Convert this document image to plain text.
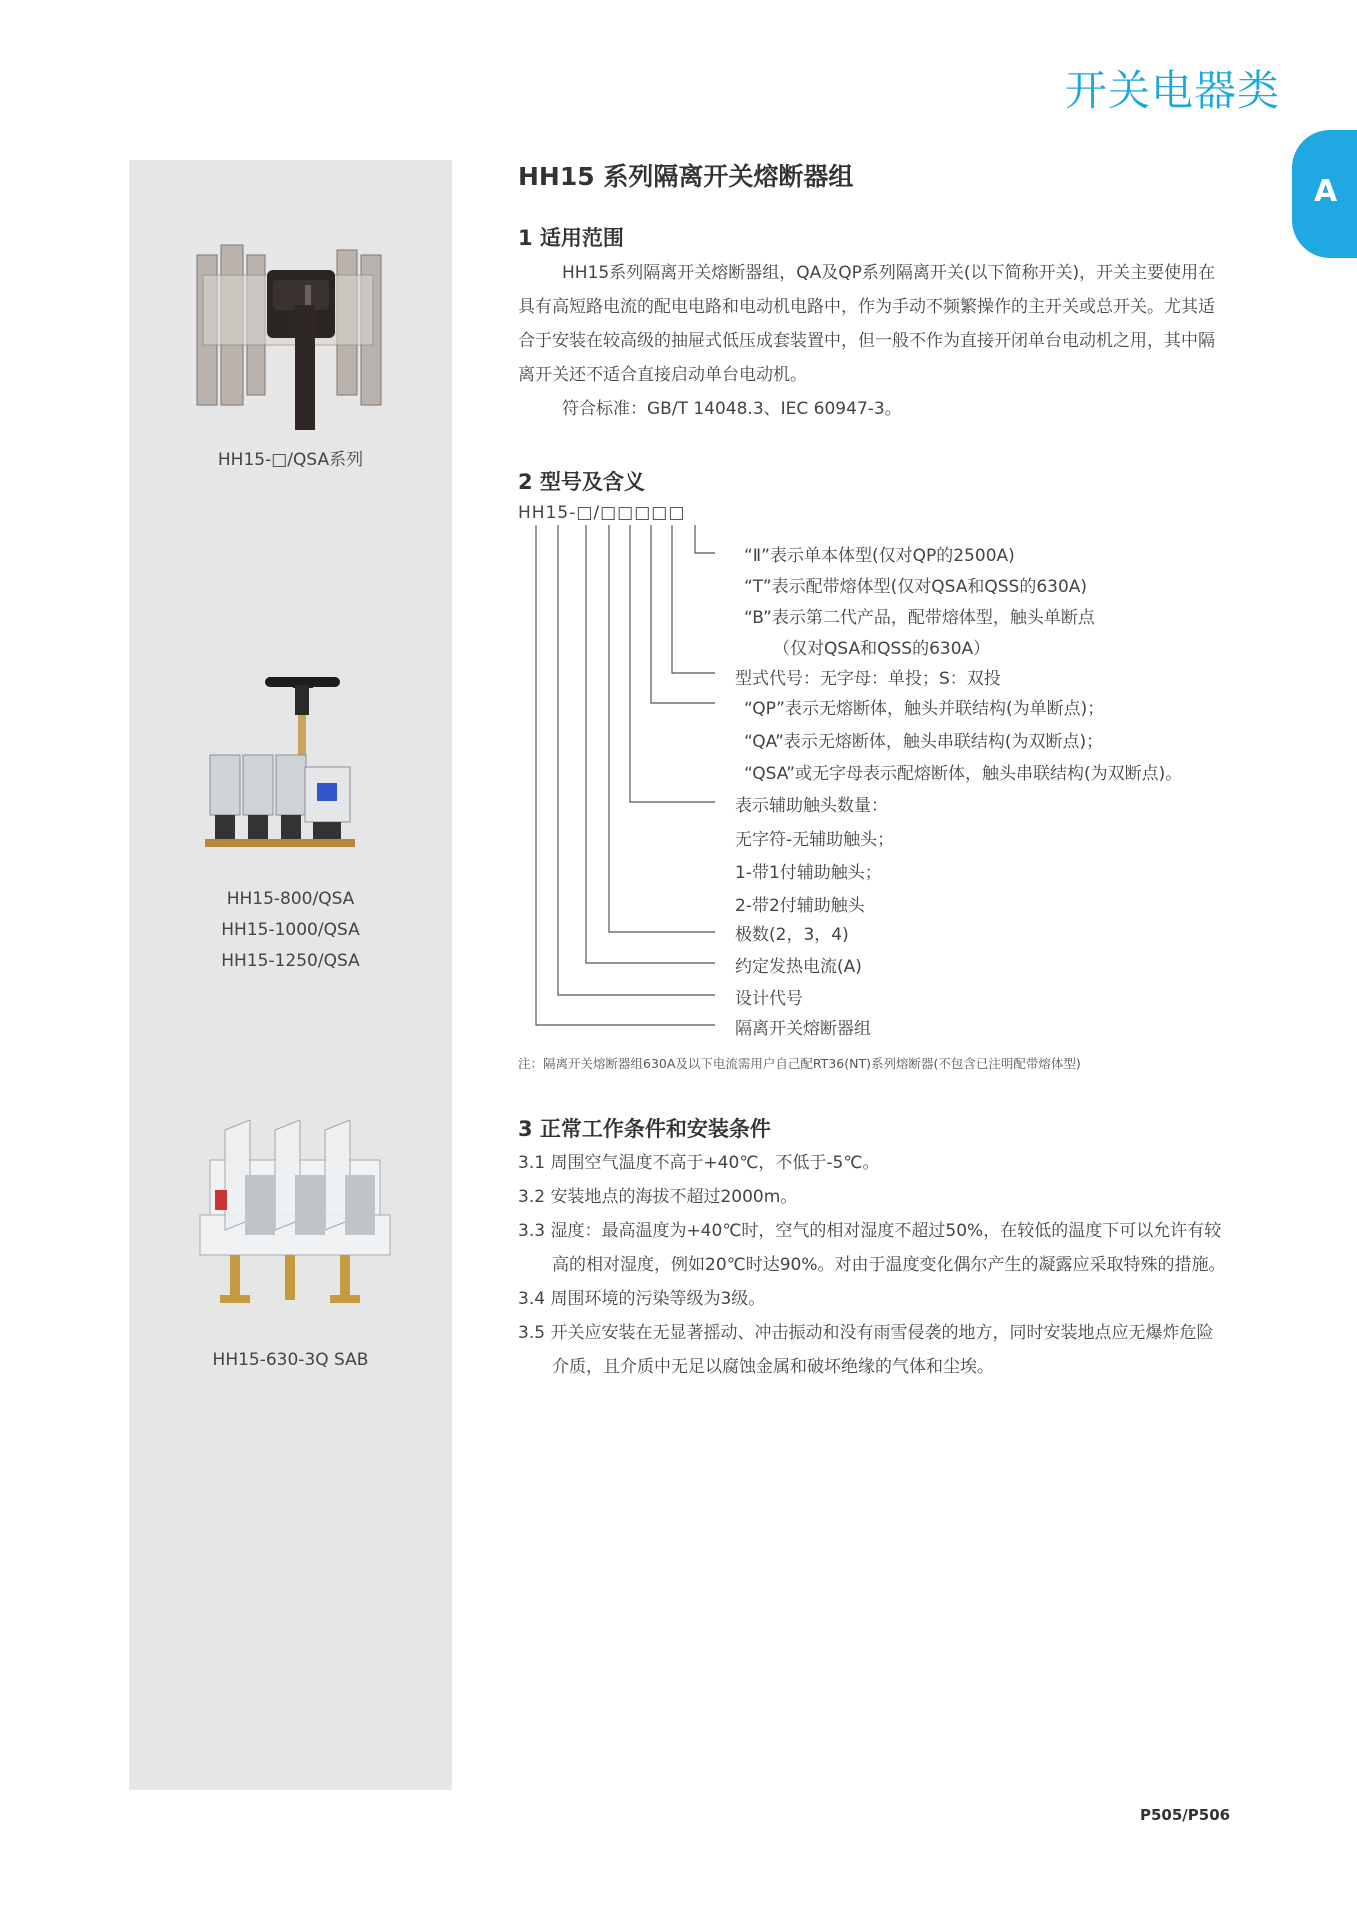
开关电器类
A
HH15-□/QSA系列
HH15-800/QSA
HH15-1000/QSA
HH15-1250/QSA
HH15-630-3Q SAB
HH15 系列隔离开关熔断器组
1 适用范围

HH15系列隔离开关熔断器组，QA及QP系列隔离开关(以下简称开关)，开关主要使用在具有高短路电流的配电电路和电动机电路中，作为手动不频繁操作的主开关或总开关。尤其适合于安装在较高级的抽屉式低压成套装置中，但一般不作为直接开闭单台电动机之用，其中隔离开关还不适合直接启动单台电动机。

符合标准：GB/T 14048.3、IEC 60947-3。

2 型号及含义
HH15-□/□□□□□
“Ⅱ”表示单本体型(仅对QP的2500A)
“T”表示配带熔体型(仅对QSA和QSS的630A)
“B”表示第二代产品，配带熔体型，触头单断点
（仅对QSA和QSS的630A）
型式代号：无字母：单投；S：双投
“QP”表示无熔断体，触头并联结构(为单断点)；
“QA”表示无熔断体，触头串联结构(为双断点)；
“QSA”或无字母表示配熔断体，触头串联结构(为双断点)。
表示辅助触头数量：
无字符-无辅助触头；
1-带1付辅助触头；
2-带2付辅助触头
极数(2，3，4)
约定发热电流(A)
设计代号
隔离开关熔断器组
注：隔离开关熔断器组630A及以下电流需用户自己配RT36(NT)系列熔断器(不包含已注明配带熔体型)
3 正常工作条件和安装条件

3.1 周围空气温度不高于+40℃，不低于-5℃。

3.2 安装地点的海拔不超过2000m。

3.3 湿度：最高温度为+40℃时，空气的相对湿度不超过50%，在较低的温度下可以允许有较高的相对湿度，例如20℃时达90%。对由于温度变化偶尔产生的凝露应采取特殊的措施。

3.4 周围环境的污染等级为3级。

3.5 开关应安装在无显著摇动、冲击振动和没有雨雪侵袭的地方，同时安装地点应无爆炸危险介质，且介质中无足以腐蚀金属和破坏绝缘的气体和尘埃。

P505/P506
